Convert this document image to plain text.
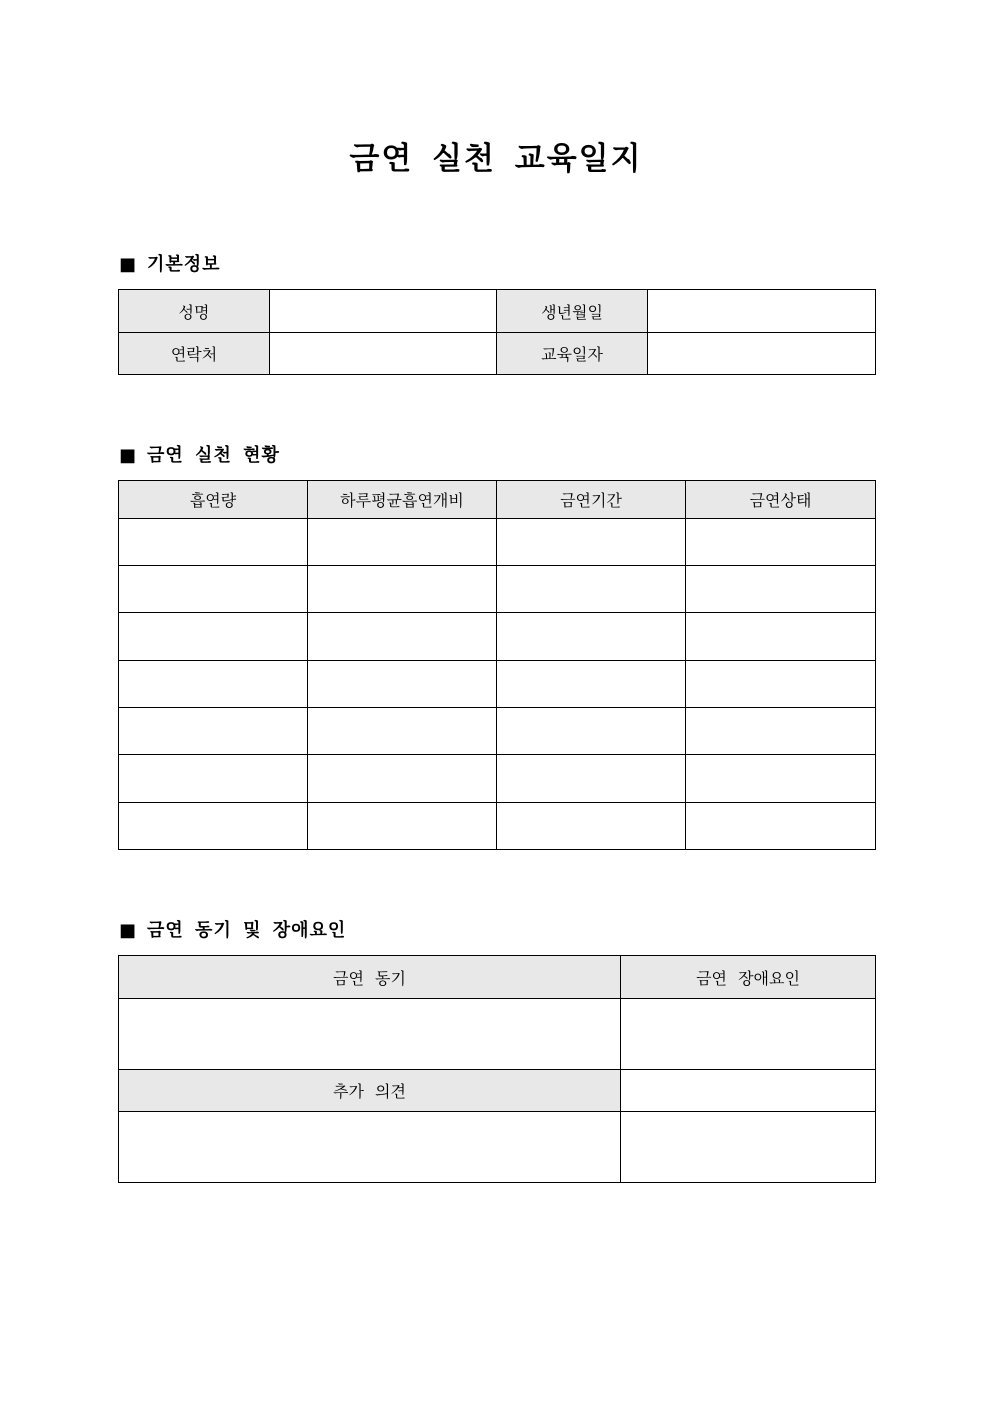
금연 실천 교육일지
■ 기본정보
성명		생년월일	
연락처		교육일자	
■ 금연 실천 현황
흡연량	하루평균흡연개비	금연기간	금연상태

■ 금연 동기 및 장애요인
금연 동기	금연 장애요인

추가 의견	
